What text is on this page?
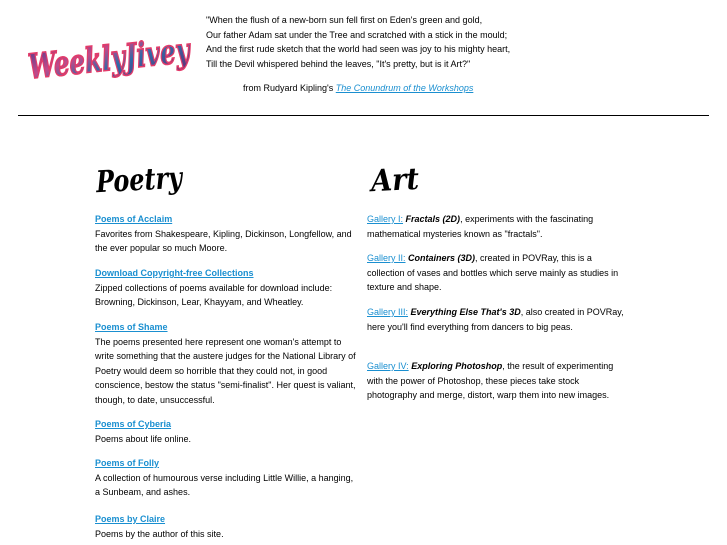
WeeklyJivey

"When the flush of a new-born sun fell first on Eden's green and gold,

Our father Adam sat under the Tree and scratched with a stick in the mould;

And the first rude sketch that the world had seen was joy to his mighty heart,

Till the Devil whispered behind the leaves, "It's pretty, but is it Art?"

from Rudyard Kipling's The Conundrum of the Workshops
Poetry	Art
Poems of Acclaim
Favorites from Shakespeare, Kipling, Dickinson, Longfellow, and the ever popular so much Moore.
Download Copyright-free Collections
Zipped collections of poems available for download include: Browning, Dickinson, Lear, Khayyam, and Wheatley.
Poems of Shame
The poems presented here represent one woman's attempt to write something that the austere judges for the National Library of Poetry would deem so horrible that they could not, in good conscience, bestow the status "semi-finalist". Her quest is valiant, though, to date, unsuccessful.
Poems of Cyberia
Poems about life online.
Poems of Folly
A collection of humourous verse including Little Willie, a hanging, a Sunbeam, and ashes.
Poems by Claire
Poems by the author of this site.
Gallery I: Fractals (2D), experiments with the fascinating mathematical mysteries known as "fractals".
Gallery II: Containers (3D), created in POVRay, this is a collection of vases and bottles which serve mainly as studies in texture and shape.
Gallery III: Everything Else That's 3D, also created in POVRay, here you'll find everything from dancers to big peas.
Gallery IV: Exploring Photoshop, the result of experimenting with the power of Photoshop, these pieces take stock photography and merge, distort, warp them into new images.
